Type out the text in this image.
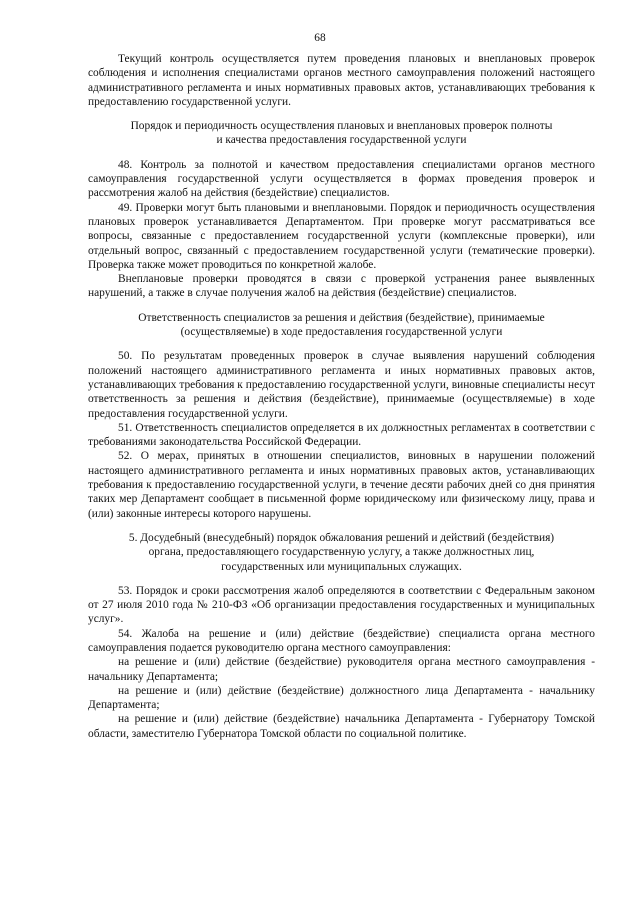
68

Текущий контроль осуществляется путем проведения плановых и внеплановых проверок соблюдения и исполнения специалистами органов местного самоуправления положений настоящего административного регламента и иных нормативных правовых актов, устанавливающих требования к предоставлению государственной услуги.

Порядок и периодичность осуществления плановых и внеплановых проверок полноты

и качества предоставления государственной услуги

48. Контроль за полнотой и качеством предоставления специалистами органов местного самоуправления государственной услуги осуществляется в формах проведения проверок и рассмотрения жалоб на действия (бездействие) специалистов.

49. Проверки могут быть плановыми и внеплановыми. Порядок и периодичность осуществления плановых проверок устанавливается Департаментом. При проверке могут рассматриваться все вопросы, связанные с предоставлением государственной услуги (комплексные проверки), или отдельный вопрос, связанный с предоставлением государственной услуги (тематические проверки). Проверка также может проводиться по конкретной жалобе.

Внеплановые проверки проводятся в связи с проверкой устранения ранее выявленных нарушений, а также в случае получения жалоб на действия (бездействие) специалистов.

Ответственность специалистов за решения и действия (бездействие), принимаемые

(осуществляемые) в ходе предоставления государственной услуги

50. По результатам проведенных проверок в случае выявления нарушений соблюдения положений настоящего административного регламента и иных нормативных правовых актов, устанавливающих требования к предоставлению государственной услуги, виновные специалисты несут ответственность за решения и действия (бездействие), принимаемые (осуществляемые) в ходе предоставления государственной услуги.

51. Ответственность специалистов определяется в их должностных регламентах в соответствии с требованиями законодательства Российской Федерации.

52. О мерах, принятых в отношении специалистов, виновных в нарушении положений настоящего административного регламента и иных нормативных правовых актов, устанавливающих требования к предоставлению государственной услуги, в течение десяти рабочих дней со дня принятия таких мер Департамент сообщает в письменной форме юридическому или физическому лицу, права и (или) законные интересы которого нарушены.

5. Досудебный (внесудебный) порядок обжалования решений и действий (бездействия)

органа, предоставляющего государственную услугу, а также должностных лиц,

государственных или муниципальных служащих.

53. Порядок и сроки рассмотрения жалоб определяются в соответствии с Федеральным законом от 27 июля 2010 года № 210-ФЗ «Об организации предоставления государственных и муниципальных услуг».

54. Жалоба на решение и (или) действие (бездействие) специалиста органа местного самоуправления подается руководителю органа местного самоуправления:

на решение и (или) действие (бездействие) руководителя органа местного самоуправления - начальнику Департамента;

на решение и (или) действие (бездействие) должностного лица Департамента - начальнику Департамента;

на решение и (или) действие (бездействие) начальника Департамента - Губернатору Томской области, заместителю Губернатора Томской области по социальной политике.
